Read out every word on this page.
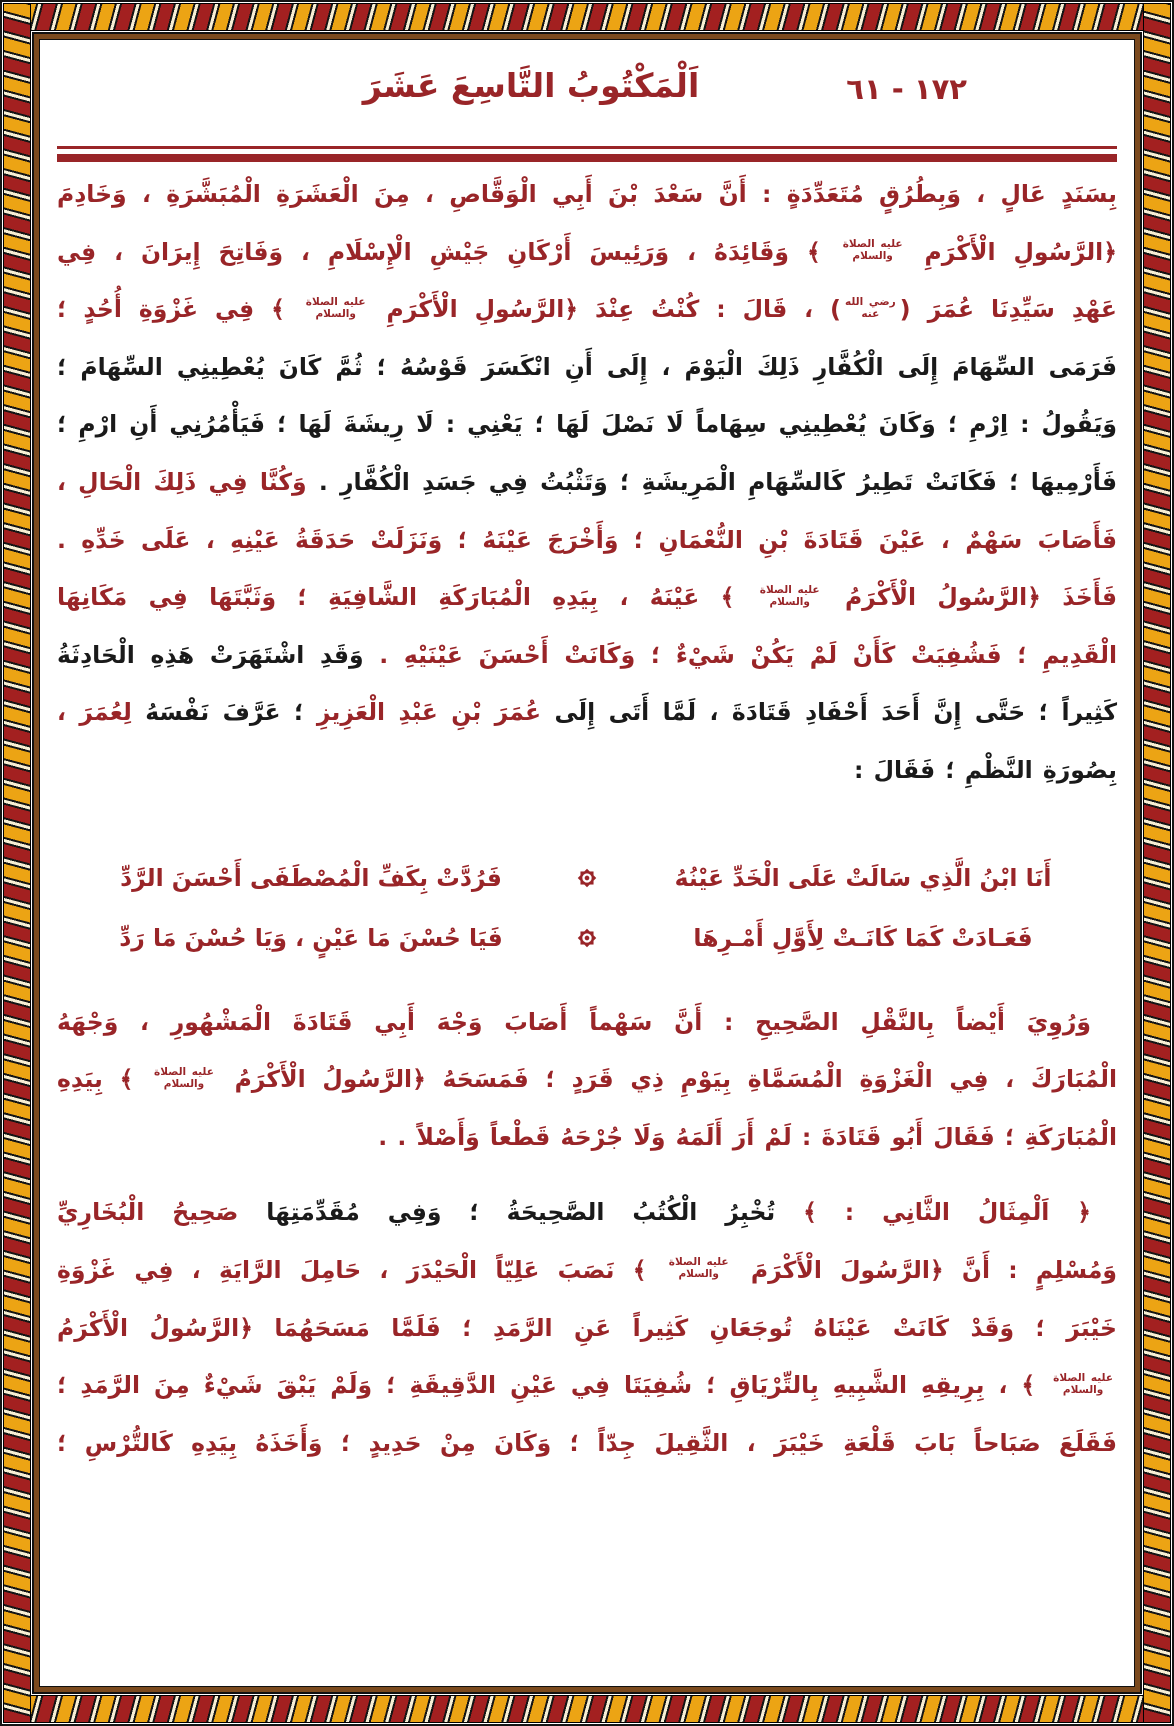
اَلْمَكْتُوبُ التَّاسِعَ عَشَرَ	١٧٢ - ٦١
بِسَنَدٍ عَالٍ ، وَبِطُرُقٍ مُتَعَدِّدَةٍ : أَنَّ سَعْدَ بْنَ أَبِي الْوَقَّاصِ ، مِنَ الْعَشَرَةِ الْمُبَشَّرَةِ ، وَخَادِمَ
﴿الرَّسُولِ الْأَكْرَمِ
عليه الصلاة
والسلام
﴾ وَقَائِدَهُ ، وَرَئِيسَ أَرْكَانِ جَيْشِ الْإِسْلَامِ ، وَفَاتِحَ إِيرَانَ ، فِي
عَهْدِ سَيِّدِنَا عُمَرَ (
رضي الله
عنه
) ، قَالَ : كُنْتُ عِنْدَ ﴿الرَّسُولِ الْأَكْرَمِ
عليه الصلاة
والسلام
﴾ فِي غَزْوَةِ أُحُدٍ ؛
فَرَمَى السِّهَامَ إِلَى الْكُفَّارِ ذَلِكَ الْيَوْمَ ، إِلَى أَنِ انْكَسَرَ قَوْسُهُ ؛ ثُمَّ كَانَ يُعْطِينِي السِّهَامَ ؛
وَيَقُولُ : اِرْمِ ؛ وَكَانَ يُعْطِينِي سِهَاماً لَا نَصْلَ لَهَا ؛ يَعْنِي : لَا رِيشَةَ لَهَا ؛ فَيَأْمُرُنِي أَنِ ارْمِ ؛
فَأَرْمِيهَا ؛ فَكَانَتْ تَطِيرُ كَالسِّهَامِ الْمَرِيشَةِ ؛ وَتَثْبُتُ فِي جَسَدِ الْكُفَّارِ . وَكُنَّا فِي ذَلِكَ الْحَالِ ،
فَأَصَابَ سَهْمٌ ، عَيْنَ قَتَادَةَ بْنِ النُّعْمَانِ ؛ وَأَخْرَجَ عَيْنَهُ ؛ وَنَزَلَتْ حَدَقَةُ عَيْنِهِ ، عَلَى خَدِّهِ .
فَأَخَذَ ﴿الرَّسُولُ الْأَكْرَمُ
عليه الصلاة
والسلام
﴾ عَيْنَهُ ، بِيَدِهِ الْمُبَارَكَةِ الشَّافِيَةِ ؛ وَثَبَّتَهَا فِي مَكَانِهَا
الْقَدِيمِ ؛ فَشُفِيَتْ كَأَنْ لَمْ يَكُنْ شَيْءٌ ؛ وَكَانَتْ أَحْسَنَ عَيْنَيْهِ . وَقَدِ اشْتَهَرَتْ هَذِهِ الْحَادِثَةُ
كَثِيراً ؛ حَتَّى إِنَّ أَحَدَ أَحْفَادِ قَتَادَةَ ، لَمَّا أَتَى إِلَى عُمَرَ بْنِ عَبْدِ الْعَزِيزِ ؛ عَرَّفَ نَفْسَهُ لِعُمَرَ ،
بِصُورَةِ النَّظْمِ ؛ فَقَالَ :
أَنَا ابْنُ الَّذِي سَالَتْ عَلَى الْخَدِّ عَيْنُهُ
فَرُدَّتْ بِكَفِّ الْمُصْطَفَى أَحْسَنَ الرَّدِّ
فَعَـادَتْ كَمَا كَانَـتْ لِأَوَّلِ أَمْـرِهَا
فَيَا حُسْنَ مَا عَيْنٍ ، وَيَا حُسْنَ مَا رَدِّ
وَرُوِيَ أَيْضاً بِالنَّقْلِ الصَّحِيحِ : أَنَّ سَهْماً أَصَابَ وَجْهَ أَبِي قَتَادَةَ الْمَشْهُورِ ، وَجْهَهُ
الْمُبَارَكَ ، فِي الْغَزْوَةِ الْمُسَمَّاةِ بِيَوْمِ ذِي قَرَدٍ ؛ فَمَسَحَهُ ﴿الرَّسُولُ الْأَكْرَمُ
عليه الصلاة
والسلام
﴾ بِيَدِهِ
الْمُبَارَكَةِ ؛ فَقَالَ أَبُو قَتَادَةَ : لَمْ أَرَ أَلَمَهُ وَلَا جُرْحَهُ قَطْعاً وَأَصْلاً . .
﴿ اَلْمِثَالُ الثَّانِي : ﴾ تُخْبِرُ الْكُتُبُ الصَّحِيحَةُ ؛ وَفِي مُقَدِّمَتِهَا صَحِيحُ الْبُخَارِيِّ
وَمُسْلِمٍ : أَنَّ ﴿الرَّسُولَ الْأَكْرَمَ
عليه الصلاة
والسلام
﴾ نَصَبَ عَلِيّاً الْحَيْدَرَ ، حَامِلَ الرَّايَةِ ، فِي غَزْوَةِ
خَيْبَرَ ؛ وَقَدْ كَانَتْ عَيْنَاهُ تُوجَعَانِ كَثِيراً عَنِ الرَّمَدِ ؛ فَلَمَّا مَسَحَهُمَا ﴿الرَّسُولُ الْأَكْرَمُ
عليه الصلاة
والسلام
﴾ ، بِرِيقِهِ الشَّبِيهِ بِالتِّرْيَاقِ ؛ شُفِيَتَا فِي عَيْنِ الدَّقِيقَةِ ؛ وَلَمْ يَبْقَ شَيْءٌ مِنَ الرَّمَدِ ؛
فَقَلَعَ صَبَاحاً بَابَ قَلْعَةِ خَيْبَرَ ، الثَّقِيلَ جِدّاً ؛ وَكَانَ مِنْ حَدِيدٍ ؛ وَأَخَذَهُ بِيَدِهِ كَالتُّرْسِ ؛
